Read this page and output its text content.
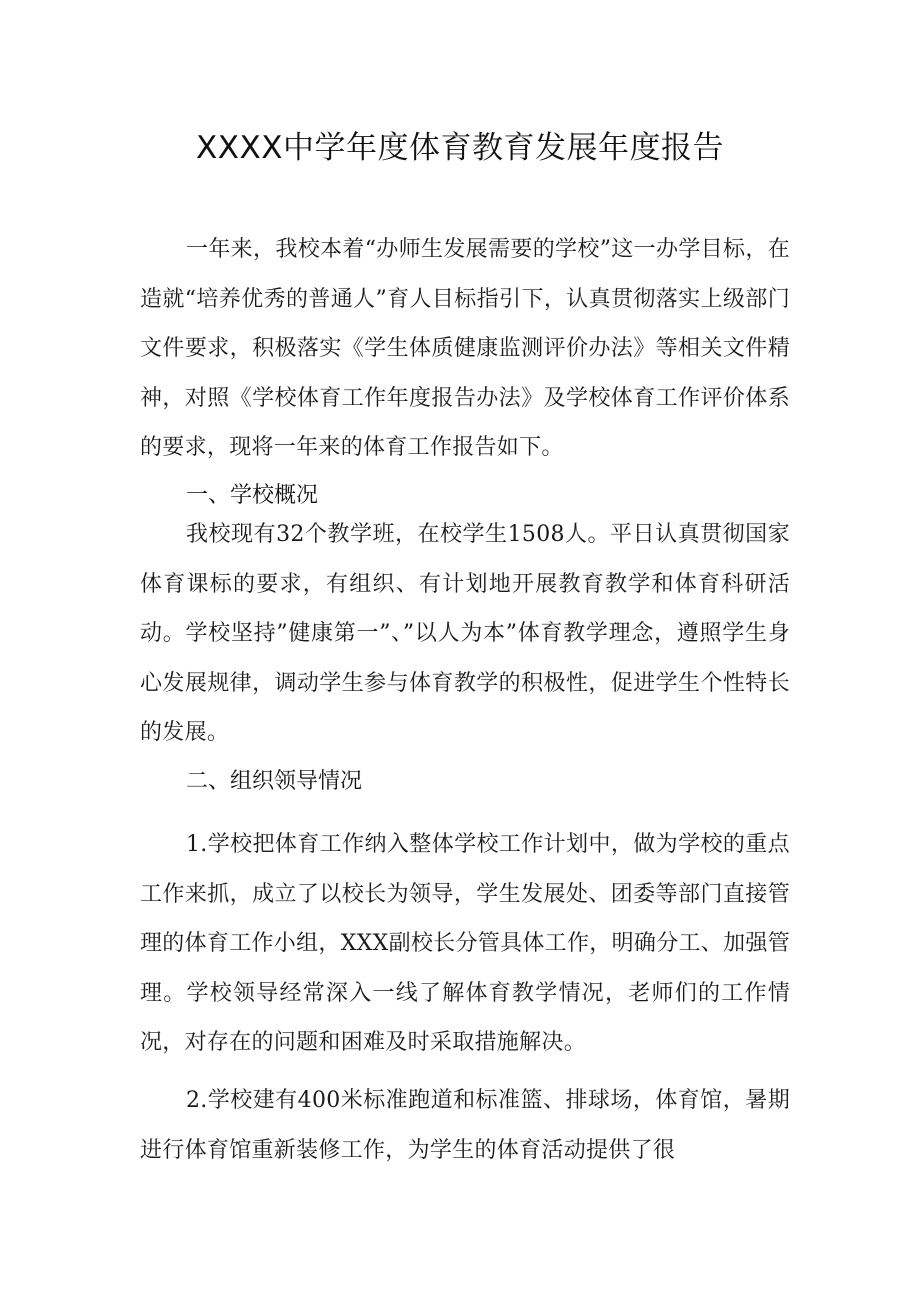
XXXX中学年度体育教育发展年度报告

一年来，我校本着“办师生发展需要的学校”这一办学目标，在造就“培养优秀的普通人”育人目标指引下，认真贯彻落实上级部门文件要求，积极落实《学生体质健康监测评价办法》等相关文件精神，对照《学校体育工作年度报告办法》及学校体育工作评价体系的要求，现将一年来的体育工作报告如下。

一、学校概况

我校现有32个教学班，在校学生1508人。平日认真贯彻国家体育课标的要求，有组织、有计划地开展教育教学和体育科研活动。学校坚持”健康第一”、”以人为本”体育教学理念，遵照学生身心发展规律，调动学生参与体育教学的积极性，促进学生个性特长的发展。

二、组织领导情况

1.学校把体育工作纳入整体学校工作计划中，做为学校的重点工作来抓，成立了以校长为领导，学生发展处、团委等部门直接管理的体育工作小组，XXX副校长分管具体工作，明确分工、加强管理。学校领导经常深入一线了解体育教学情况，老师们的工作情况，对存在的问题和困难及时采取措施解决。

2.学校建有400米标准跑道和标准篮、排球场，体育馆，暑期进行体育馆重新装修工作，为学生的体育活动提供了很
